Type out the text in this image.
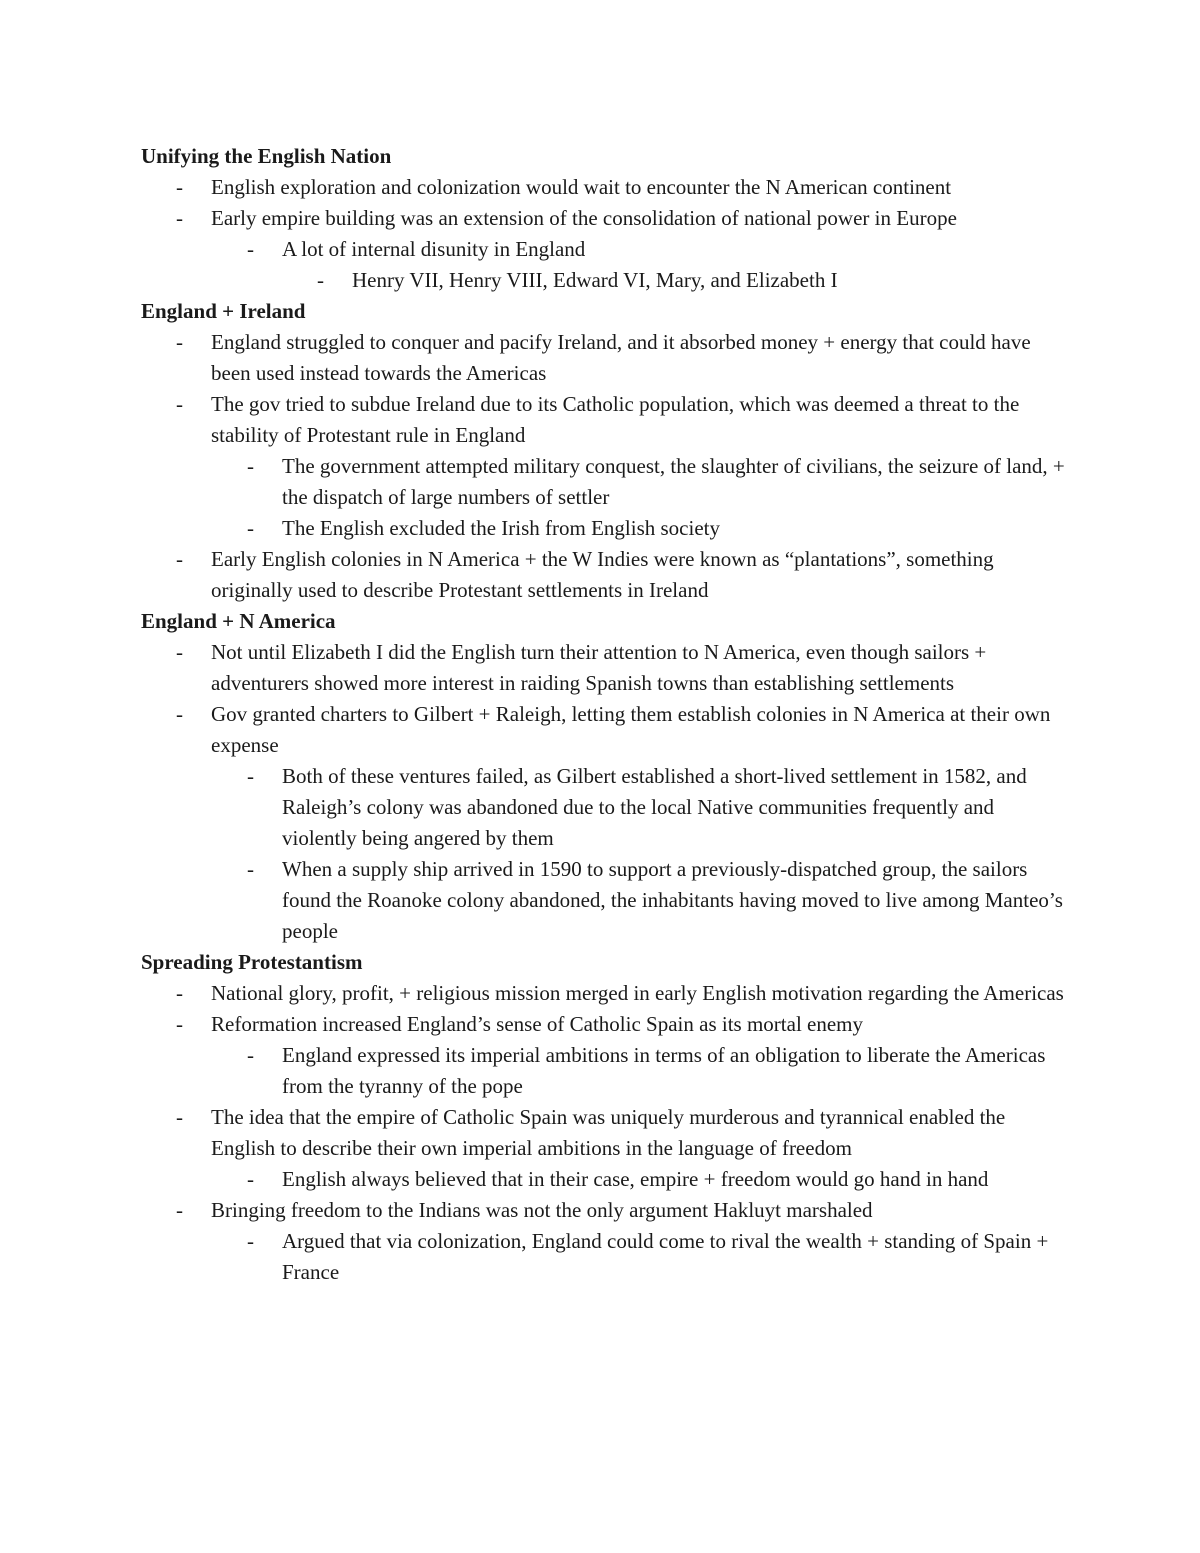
Unifying the English Nation
- English exploration and colonization would wait to encounter the N American continent
- Early empire building was an extension of the consolidation of national power in Europe
- A lot of internal disunity in England
- Henry VII, Henry VIII, Edward VI, Mary, and Elizabeth I
England + Ireland
- England struggled to conquer and pacify Ireland, and it absorbed money + energy that could have been used instead towards the Americas
- The gov tried to subdue Ireland due to its Catholic population, which was deemed a threat to the stability of Protestant rule in England
- The government attempted military conquest, the slaughter of civilians, the seizure of land, + the dispatch of large numbers of settler
- The English excluded the Irish from English society
- Early English colonies in N America + the W Indies were known as “plantations”, something originally used to describe Protestant settlements in Ireland
England + N America
- Not until Elizabeth I did the English turn their attention to N America, even though sailors + adventurers showed more interest in raiding Spanish towns than establishing settlements
- Gov granted charters to Gilbert + Raleigh, letting them establish colonies in N America at their own expense
- Both of these ventures failed, as Gilbert established a short-lived settlement in 1582, and Raleigh’s colony was abandoned due to the local Native communities frequently and violently being angered by them
- When a supply ship arrived in 1590 to support a previously-dispatched group, the sailors found the Roanoke colony abandoned, the inhabitants having moved to live among Manteo’s people
Spreading Protestantism
- National glory, profit, + religious mission merged in early English motivation regarding the Americas
- Reformation increased England’s sense of Catholic Spain as its mortal enemy
- England expressed its imperial ambitions in terms of an obligation to liberate the Americas from the tyranny of the pope
- The idea that the empire of Catholic Spain was uniquely murderous and tyrannical enabled the English to describe their own imperial ambitions in the language of freedom
- English always believed that in their case, empire + freedom would go hand in hand
- Bringing freedom to the Indians was not the only argument Hakluyt marshaled
- Argued that via colonization, England could come to rival the wealth + standing of Spain + France
